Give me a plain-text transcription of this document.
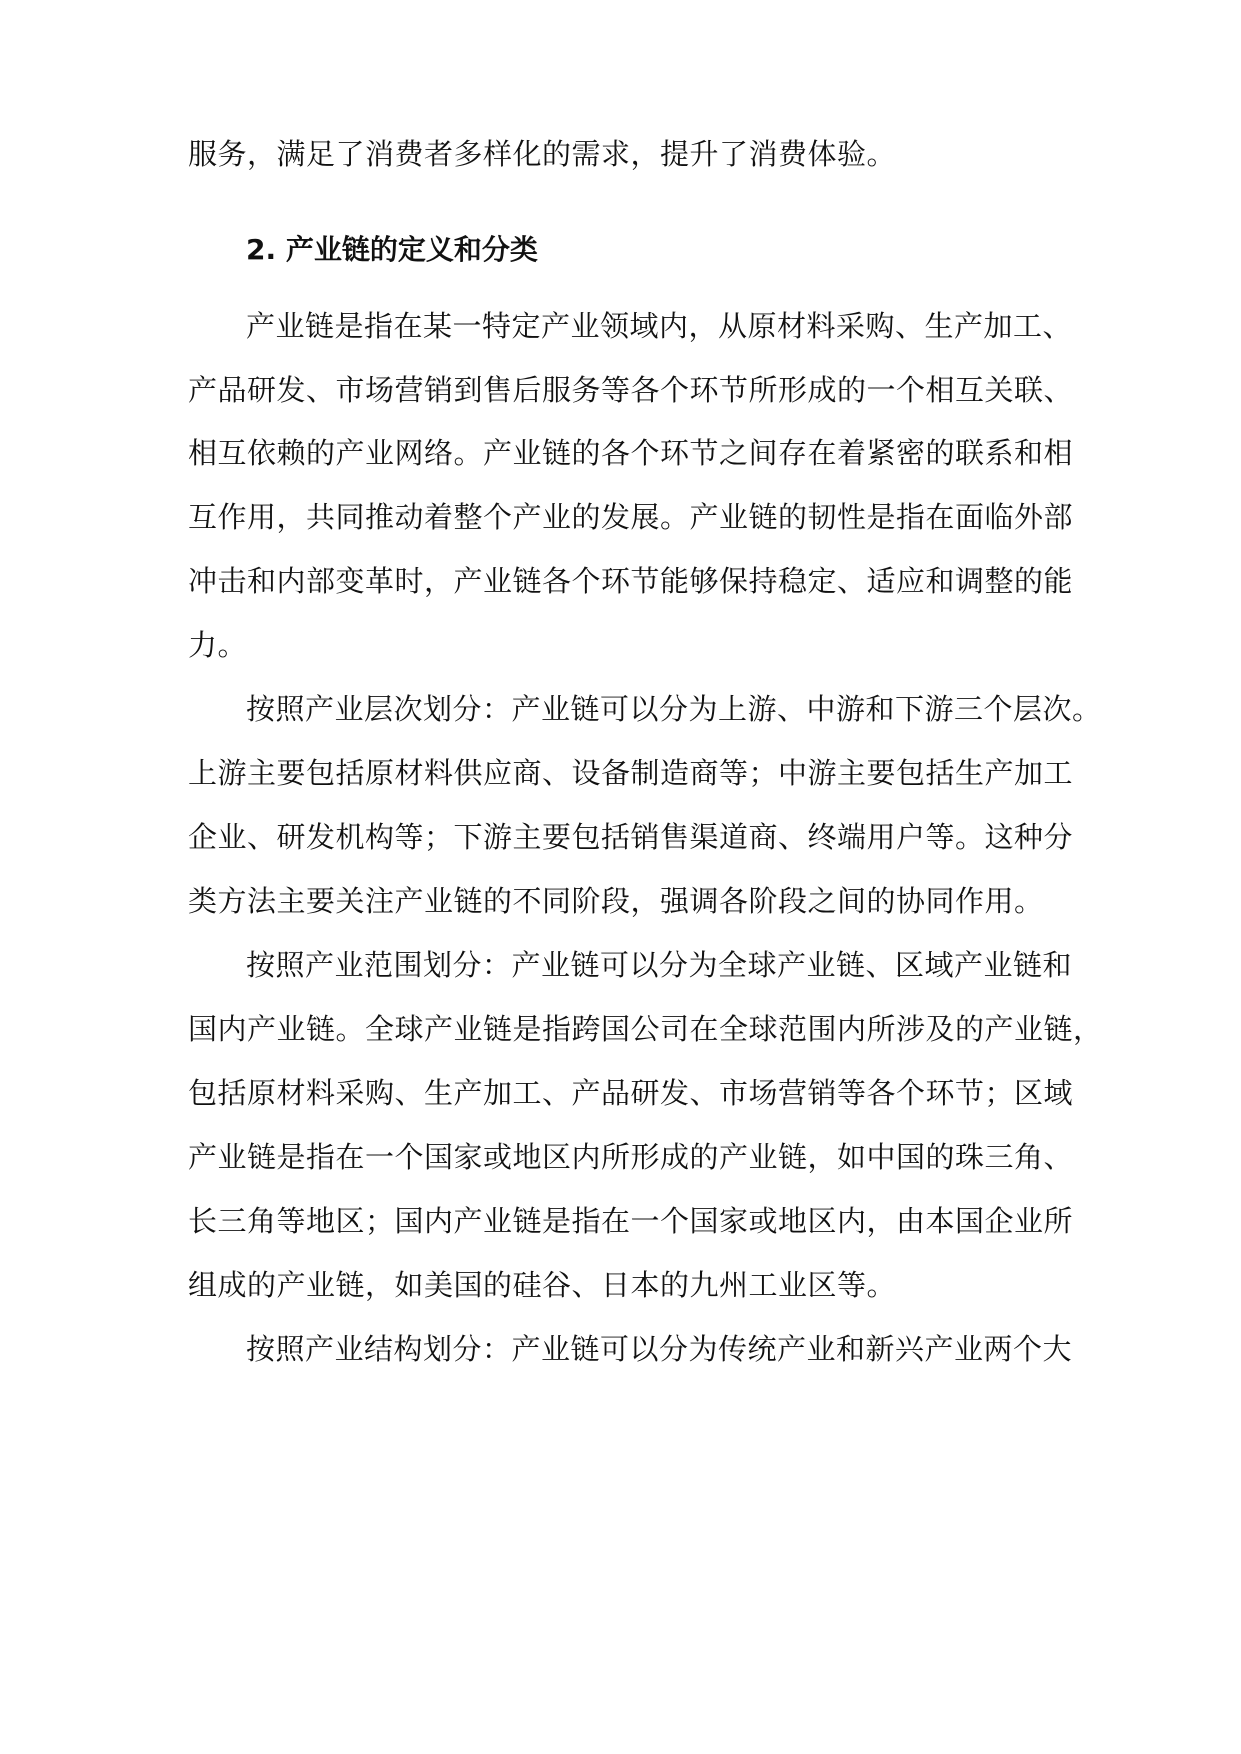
服务，满足了消费者多样化的需求，提升了消费体验。
2. 产业链的定义和分类
产业链是指在某一特定产业领域内，从原材料采购、生产加工、
产品研发、市场营销到售后服务等各个环节所形成的一个相互关联、
相互依赖的产业网络。产业链的各个环节之间存在着紧密的联系和相
互作用，共同推动着整个产业的发展。产业链的韧性是指在面临外部
冲击和内部变革时，产业链各个环节能够保持稳定、适应和调整的能
力。
按照产业层次划分：产业链可以分为上游、中游和下游三个层次。
上游主要包括原材料供应商、设备制造商等；中游主要包括生产加工
企业、研发机构等；下游主要包括销售渠道商、终端用户等。这种分
类方法主要关注产业链的不同阶段，强调各阶段之间的协同作用。
按照产业范围划分：产业链可以分为全球产业链、区域产业链和
国内产业链。全球产业链是指跨国公司在全球范围内所涉及的产业链，
包括原材料采购、生产加工、产品研发、市场营销等各个环节；区域
产业链是指在一个国家或地区内所形成的产业链，如中国的珠三角、
长三角等地区；国内产业链是指在一个国家或地区内，由本国企业所
组成的产业链，如美国的硅谷、日本的九州工业区等。
按照产业结构划分：产业链可以分为传统产业和新兴产业两个大
